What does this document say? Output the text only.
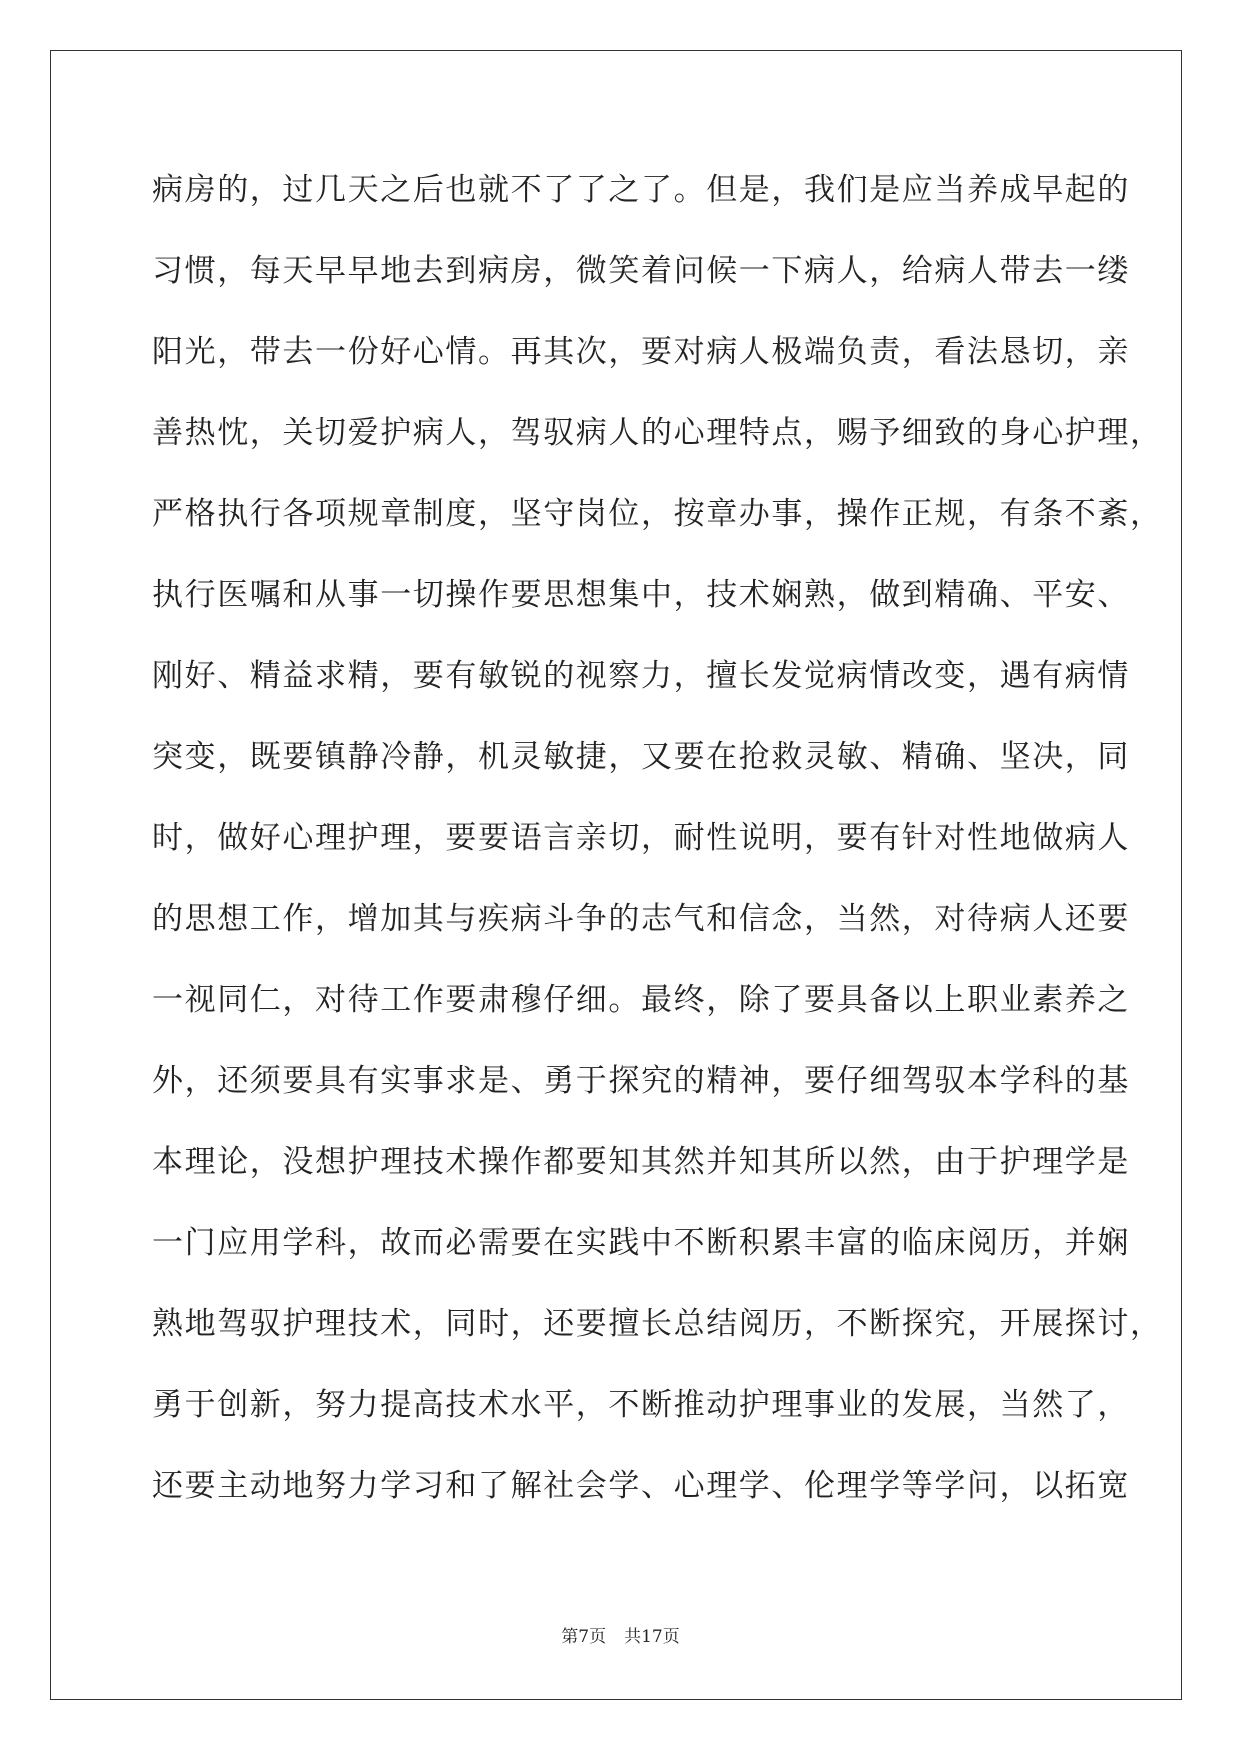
病房的，过几天之后也就不了了之了。但是，我们是应当养成早起的
习惯，每天早早地去到病房，微笑着问候一下病人，给病人带去一缕
阳光，带去一份好心情。再其次，要对病人极端负责，看法恳切，亲
善热忱，关切爱护病人，驾驭病人的心理特点，赐予细致的身心护理，
严格执行各项规章制度，坚守岗位，按章办事，操作正规，有条不紊，
执行医嘱和从事一切操作要思想集中，技术娴熟，做到精确、平安、
刚好、精益求精，要有敏锐的视察力，擅长发觉病情改变，遇有病情
突变，既要镇静冷静，机灵敏捷，又要在抢救灵敏、精确、坚决，同
时，做好心理护理，要要语言亲切，耐性说明，要有针对性地做病人
的思想工作，增加其与疾病斗争的志气和信念，当然，对待病人还要
一视同仁，对待工作要肃穆仔细。最终，除了要具备以上职业素养之
外，还须要具有实事求是、勇于探究的精神，要仔细驾驭本学科的基
本理论，没想护理技术操作都要知其然并知其所以然，由于护理学是
一门应用学科，故而必需要在实践中不断积累丰富的临床阅历，并娴
熟地驾驭护理技术，同时，还要擅长总结阅历，不断探究，开展探讨，
勇于创新，努力提高技术水平，不断推动护理事业的发展，当然了，
还要主动地努力学习和了解社会学、心理学、伦理学等学问，以拓宽
第7页 共17页
